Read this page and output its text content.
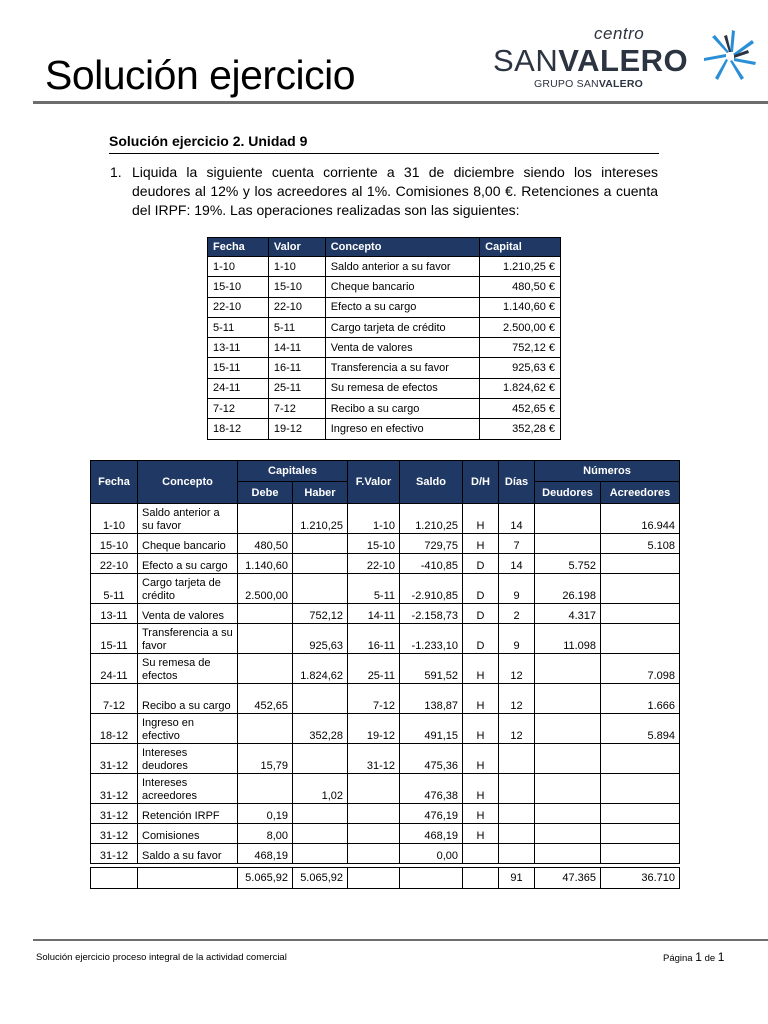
Solución ejercicio
centro
SANVALERO
GRUPO SANVALERO
Solución ejercicio 2. Unidad 9
1. Liquida la siguiente cuenta corriente a 31 de diciembre siendo los intereses deudores al 12% y los acreedores al 1%. Comisiones 8,00 €. Retenciones a cuenta del IRPF: 19%. Las operaciones realizadas son las siguientes:
Fecha	Valor	Concepto	Capital
1-10	1-10	Saldo anterior a su favor	1.210,25 €
15-10	15-10	Cheque bancario	480,50 €
22-10	22-10	Efecto a su cargo	1.140,60 €
5-11	5-11	Cargo tarjeta de crédito	2.500,00 €
13-11	14-11	Venta de valores	752,12 €
15-11	16-11	Transferencia a su favor	925,63 €
24-11	25-11	Su remesa de efectos	1.824,62 €
7-12	7-12	Recibo a su cargo	452,65 €
18-12	19-12	Ingreso en efectivo	352,28 €
Fecha	Concepto	Capitales		F.Valor	Saldo	D/H	Días	Números	
		Debe	Haber					Deudores	Acreedores
1-10	Saldo anterior a su favor		1.210,25	1-10	1.210,25	H	14		16.944
15-10	Cheque bancario	480,50		15-10	729,75	H	7		5.108
22-10	Efecto a su cargo	1.140,60		22-10	-410,85	D	14	5.752	
5-11	Cargo tarjeta de crédito	2.500,00		5-11	-2.910,85	D	9	26.198	
13-11	Venta de valores		752,12	14-11	-2.158,73	D	2	4.317	
15-11	Transferencia a su favor		925,63	16-11	-1.233,10	D	9	11.098	
24-11	Su remesa de efectos		1.824,62	25-11	591,52	H	12		7.098
7-12	Recibo a su cargo	452,65		7-12	138,87	H	12		1.666
18-12	Ingreso en efectivo		352,28	19-12	491,15	H	12		5.894
31-12	Intereses deudores	15,79		31-12	475,36	H			
31-12	Intereses acreedores		1,02		476,38	H			
31-12	Retención IRPF	0,19			476,19	H			
31-12	Comisiones	8,00			468,19	H			
31-12	Saldo a su favor	468,19			0,00				

		5.065,92	5.065,92				91	47.365	36.710
Solución ejercicio proceso integral de la actividad comercial	Página 1 de 1
